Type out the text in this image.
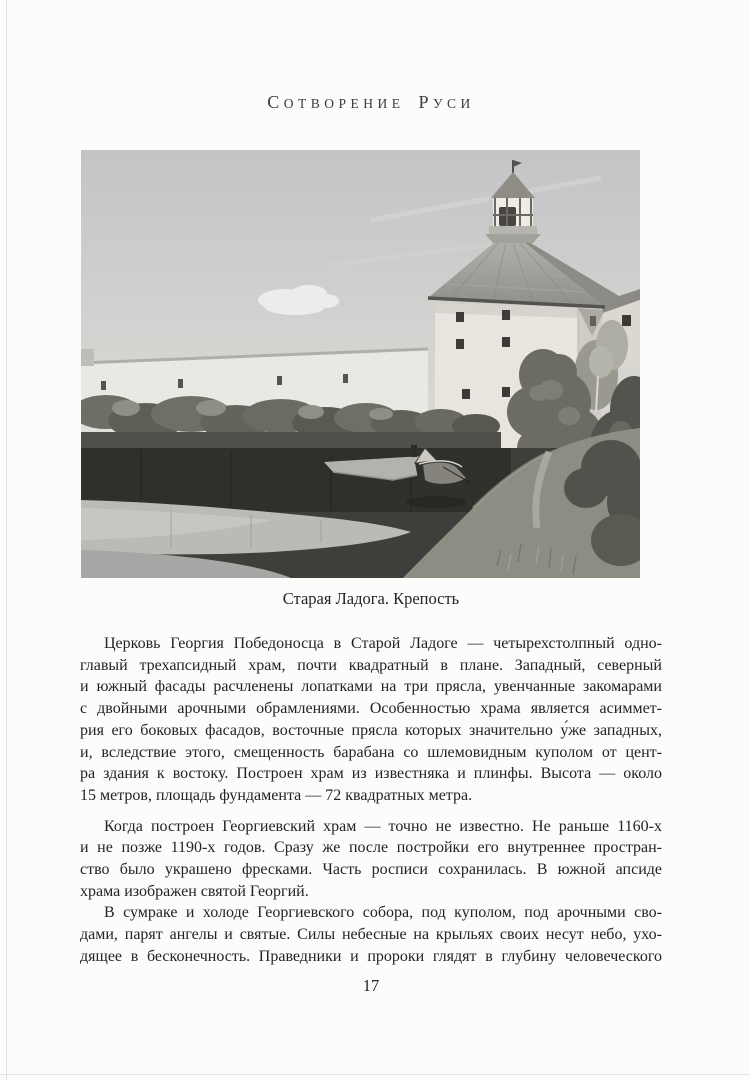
СОТВОРЕНИЕ РУСИ
Старая Ладога. Крепость

Церковь Георгия Победоносца в Старой Ладоге — четырехстолпный одно-
главый трехапсидный храм, почти квадратный в плане. Западный, северный
и южный фасады расчленены лопатками на три прясла, увенчанные закомарами
с двойными арочными обрамлениями. Особенностью храма является асиммет-
рия его боковых фасадов, восточные прясла которых значительно у́же западных,
и, вследствие этого, смещенность барабана со шлемовидным куполом от цент-
ра здания к востоку. Построен храм из известняка и плинфы. Высота — около
15 метров, площадь фундамента — 72 квадратных метра.

Когда построен Георгиевский храм — точно не известно. Не раньше 1160-х
и не позже 1190-х годов. Сразу же после постройки его внутреннее простран-
ство было украшено фресками. Часть росписи сохранилась. В южной апсиде
храма изображен святой Георгий.

В сумраке и холоде Георгиевского собора, под куполом, под арочными сво-
дами, парят ангелы и святые. Силы небесные на крыльях своих несут небо, ухо-
дящее в бесконечность. Праведники и пророки глядят в глубину человеческого

17
